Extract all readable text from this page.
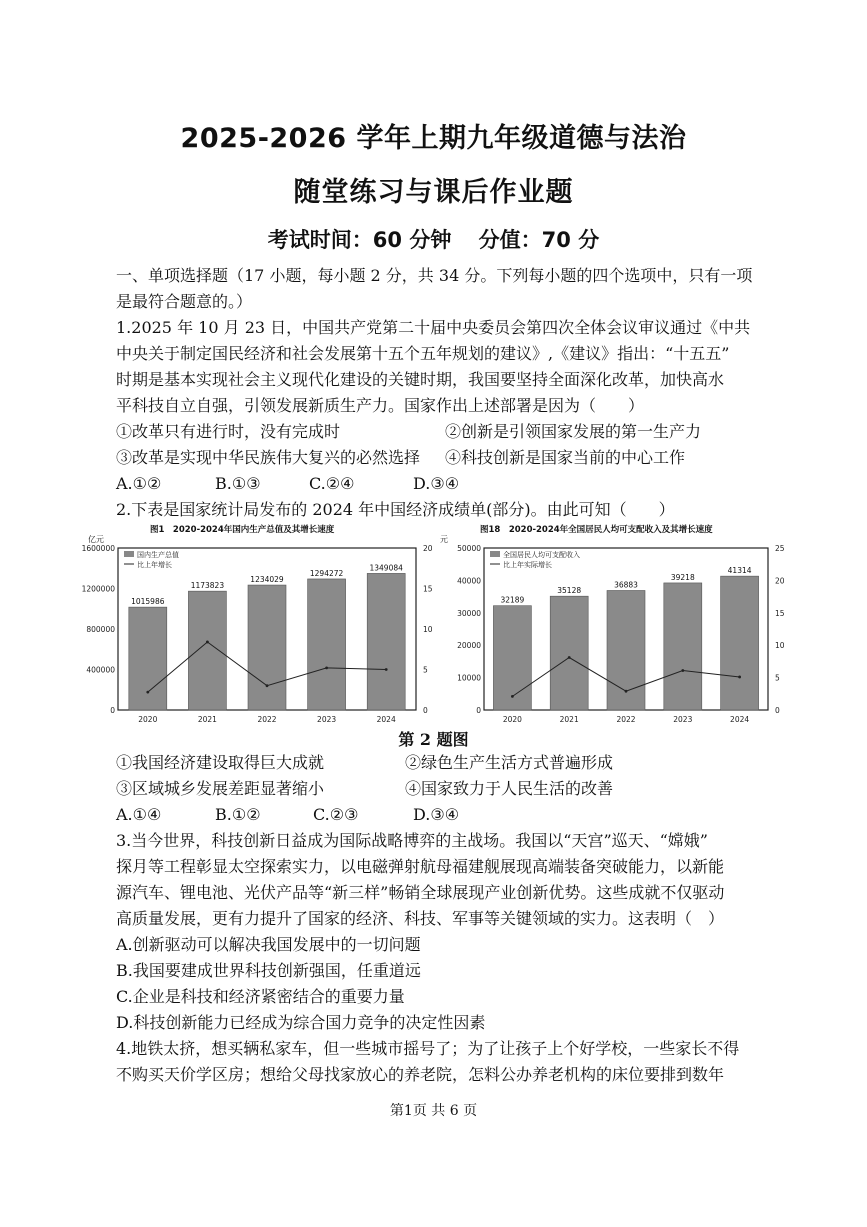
2025-2026 学年上期九年级道德与法治
随堂练习与课后作业题
考试时间：60 分钟 分值：70 分
一、单项选择题（17 小题，每小题 2 分，共 34 分。下列每小题的四个选项中，只有一项
是最符合题意的。）
1.2025 年 10 月 23 日，中国共产党第二十届中央委员会第四次全体会议审议通过《中共
中央关于制定国民经济和社会发展第十五个五年规划的建议》,《建议》指出：“十五五”
时期是基本实现社会主义现代化建设的关键时期，我国要坚持全面深化改革，加快高水
平科技自立自强，引领发展新质生产力。国家作出上述部署是因为（　　）
①改革只有进行时，没有完成时	②创新是引领国家发展的第一生产力
③改革是实现中华民族伟大复兴的必然选择 ④科技创新是国家当前的中心工作
A.①②	B.①③	C.②④	D.③④
2.下表是国家统计局发布的 2024 年中国经济成绩单(部分)。由此可知（　　）
图1　2020-2024年国内生产总值及其增长速度
亿元
0
400000
800000
1200000
1600000
0
5
10
15
20
国内生产总值
比上年增长
1015986
2020
1173823
2021
1234029
2022
1294272
2023
1349084
2024
图18　2020-2024年全国居民人均可支配收入及其增长速度
元
0
10000
20000
30000
40000
50000
0
5
10
15
20
25
全国居民人均可支配收入
比上年实际增长
32189
2020
35128
2021
36883
2022
39218
2023
41314
2024
第 2 题图
①我国经济建设取得巨大成就	②绿色生产生活方式普遍形成
③区域城乡发展差距显著缩小	④国家致力于人民生活的改善
A.①④	B.①②	C.②③	D.③④
3.当今世界，科技创新日益成为国际战略博弈的主战场。我国以“天宫”巡天、“嫦娥”
探月等工程彰显太空探索实力，以电磁弹射航母福建舰展现高端装备突破能力，以新能
源汽车、锂电池、光伏产品等“新三样”畅销全球展现产业创新优势。这些成就不仅驱动
高质量发展，更有力提升了国家的经济、科技、军事等关键领域的实力。这表明（　）
A.创新驱动可以解决我国发展中的一切问题
B.我国要建成世界科技创新强国，任重道远
C.企业是科技和经济紧密结合的重要力量
D.科技创新能力已经成为综合国力竞争的决定性因素
4.地铁太挤，想买辆私家车，但一些城市摇号了；为了让孩子上个好学校，一些家长不得
不购买天价学区房；想给父母找家放心的养老院，怎料公办养老机构的床位要排到数年
第1页 共 6 页
